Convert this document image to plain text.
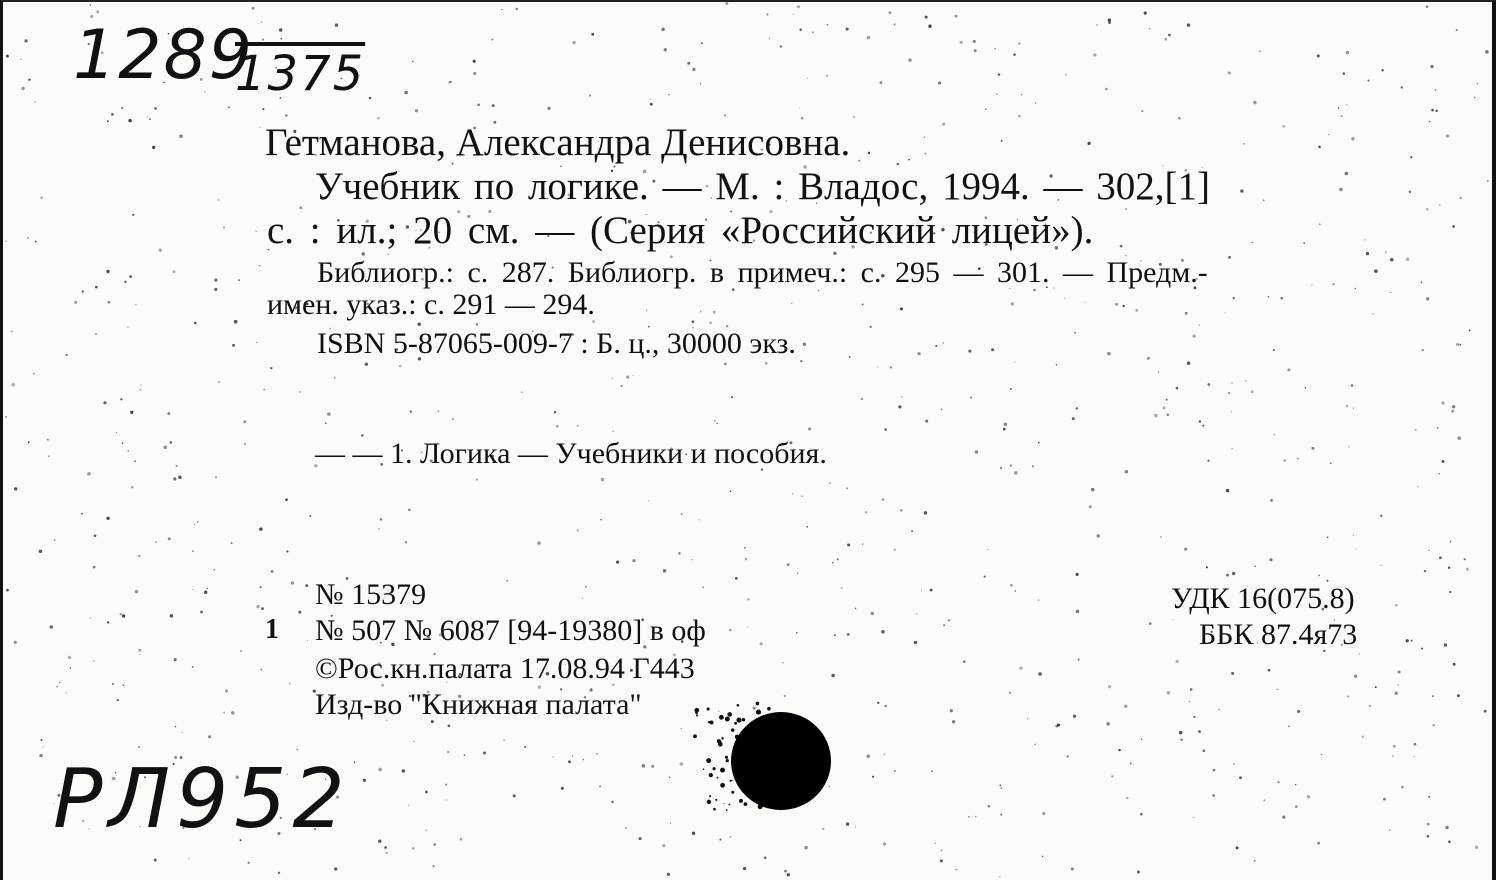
1289
1375
Гетманова, Александра Денисовна.
Учебник по логике. — М. : Владос, 1994. — 302,[1]
с. : ил.; 20 см. — (Серия «Российский лицей»).
Библиогр.: с. 287. Библиогр. в примеч.: с. 295 — 301. — Предм.-
имен. указ.: с. 291 — 294.
ISBN 5-87065-009-7 : Б. ц., 30000 экз.
— — 1. Логика — Учебники и пособия.
№ 15379
1 № 507 № 6087 [94-19380] в оф
©Рос.кн.палата 17.08.94 Г443
Изд-во "Книжная палата"
УДК 16(075.8)
ББК 87.4я73
РЛ952
